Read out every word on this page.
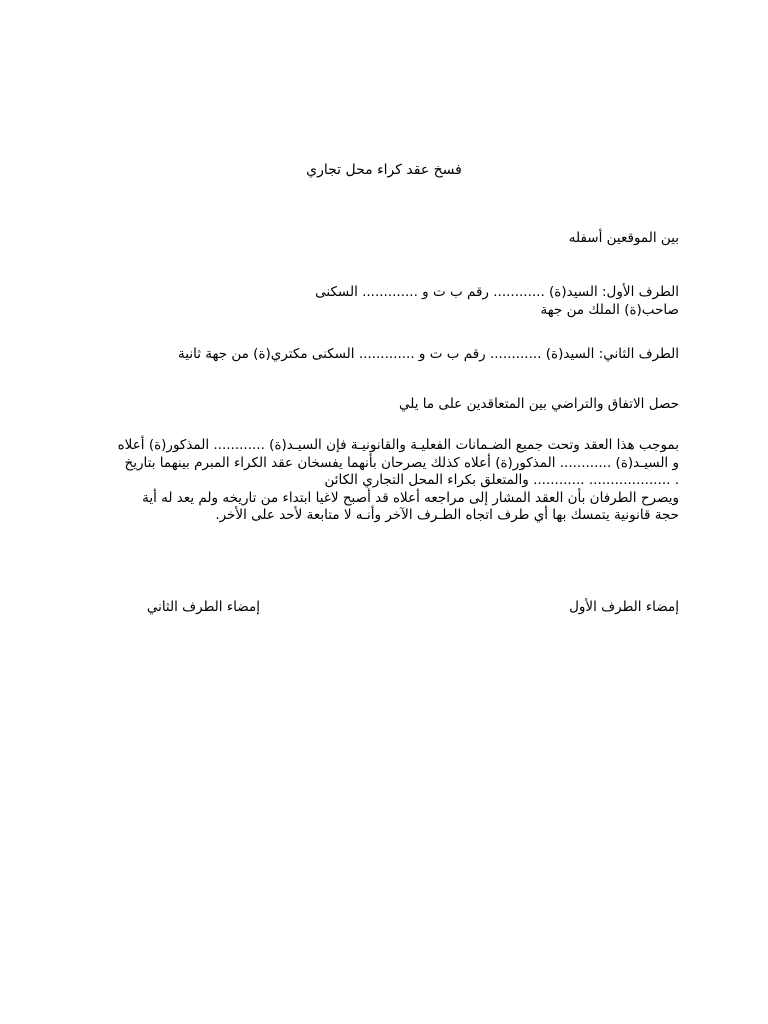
فسخ عقد كراء محل تجاري

بين الموقعين أسفله

الطرف الأول: السيد(ة) ............ رقم ب ت و ............. السكنى

صاحب(ة) الملك من جهة

الطرف الثاني: السيد(ة) ............ رقم ب ت و ............. السكنى مكتري(ة) من جهة ثانية

حصل الاتفاق والتراضي بين المتعاقدين على ما يلي

بموجب هذا العقد وتحت جميع الضـمانات الفعليـة والقانونيـة فإن السيـد(ة) ............ المذكور(ة) أعلاه
و السيـد(ة) ............ المذكور(ة) أعلاه كذلك يصرحان بأنهما يفسخان عقد الكراء المبرم بينهما بتاريخ
. ................... ............ والمتعلق بكراء المحل التجاري الكائن
ويصرح الطرفان بأن العقد المشار إلى مراجعه أعلاه قد أصبح لاغيا ابتداء من تاريخه ولم يعد له أية
حجة قانونية يتمسك بها أي طرف اتجاه الطـرف الآخر وأنـه لا متابعة لأحد على الأخر.
إمضاء الطرف الأول
إمضاء الطرف الثاني
